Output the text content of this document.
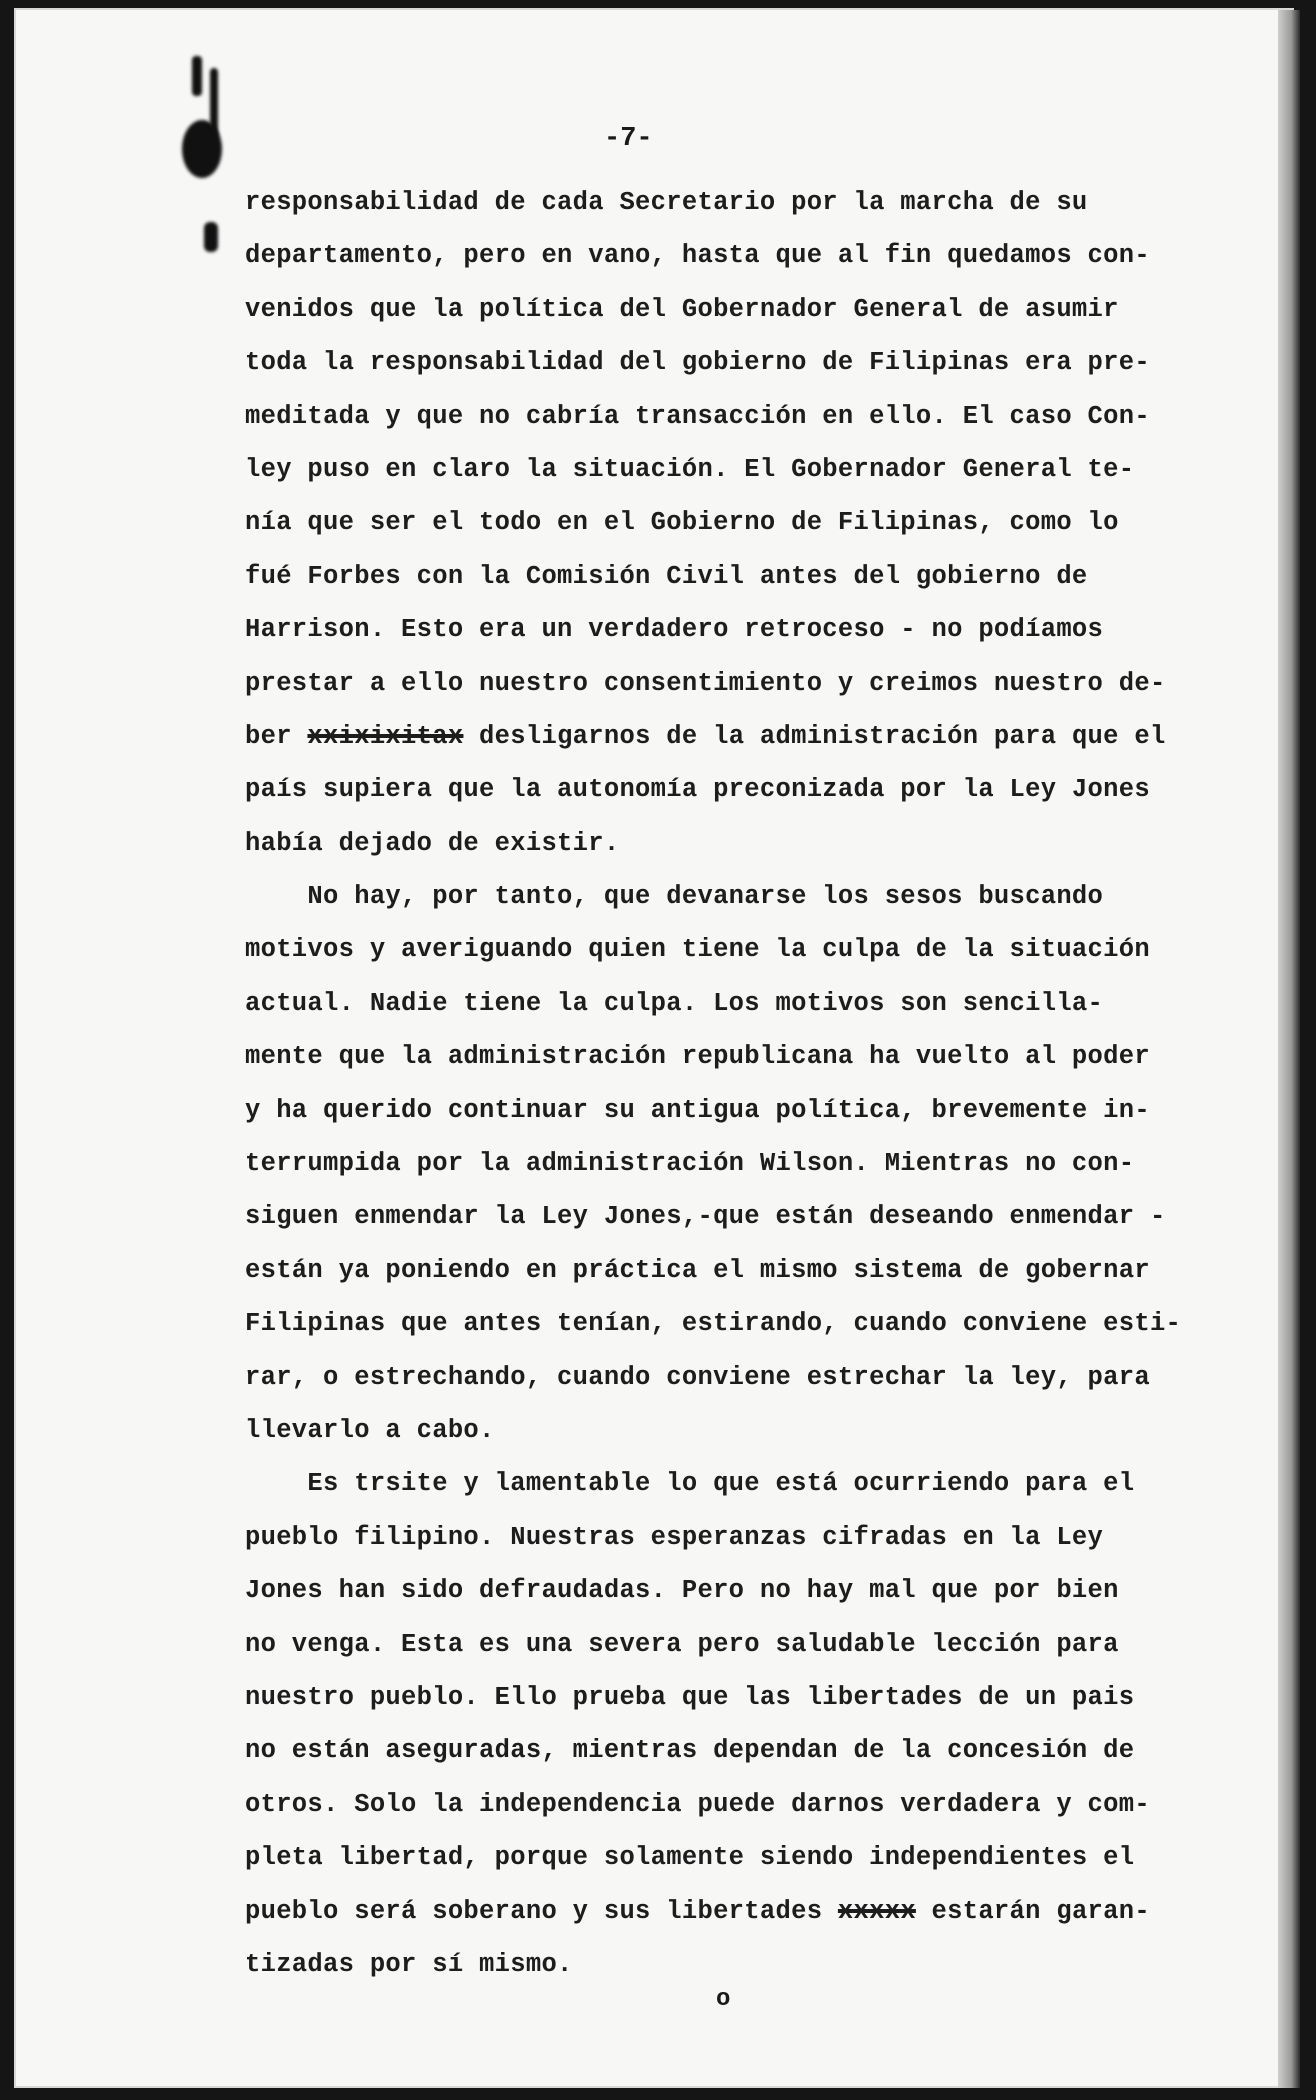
-7-
responsabilidad de cada Secretario por la marcha de su
departamento, pero en vano, hasta que al fin quedamos con-
venidos que la política del Gobernador General de asumir
toda la responsabilidad del gobierno de Filipinas era pre-
meditada y que no cabría transacción en ello. El caso Con-
ley puso en claro la situación. El Gobernador General te-
nía que ser el todo en el Gobierno de Filipinas, como lo
fué Forbes con la Comisión Civil antes del gobierno de
Harrison. Esto era un verdadero retroceso - no podíamos
prestar a ello nuestro consentimiento y creimos nuestro de-
ber xxixixitax desligarnos de la administración para que el
país supiera que la autonomía preconizada por la Ley Jones
había dejado de existir.
No hay, por tanto, que devanarse los sesos buscando
motivos y averiguando quien tiene la culpa de la situación
actual. Nadie tiene la culpa. Los motivos son sencilla-
mente que la administración republicana ha vuelto al poder
y ha querido continuar su antigua política, brevemente in-
terrumpida por la administración Wilson. Mientras no con-
siguen enmendar la Ley Jones,-que están deseando enmendar -
están ya poniendo en práctica el mismo sistema de gobernar
Filipinas que antes tenían, estirando, cuando conviene esti-
rar, o estrechando, cuando conviene estrechar la ley, para
llevarlo a cabo.
Es trsite y lamentable lo que está ocurriendo para el
pueblo filipino. Nuestras esperanzas cifradas en la Ley
Jones han sido defraudadas. Pero no hay mal que por bien
no venga. Esta es una severa pero saludable lección para
nuestro pueblo. Ello prueba que las libertades de un pais
no están aseguradas, mientras dependan de la concesión de
otros. Solo la independencia puede darnos verdadera y com-
pleta libertad, porque solamente siendo independientes el
pueblo será soberano y sus libertades xxxxx estarán garan-
tizadas por sí mismo.
o
